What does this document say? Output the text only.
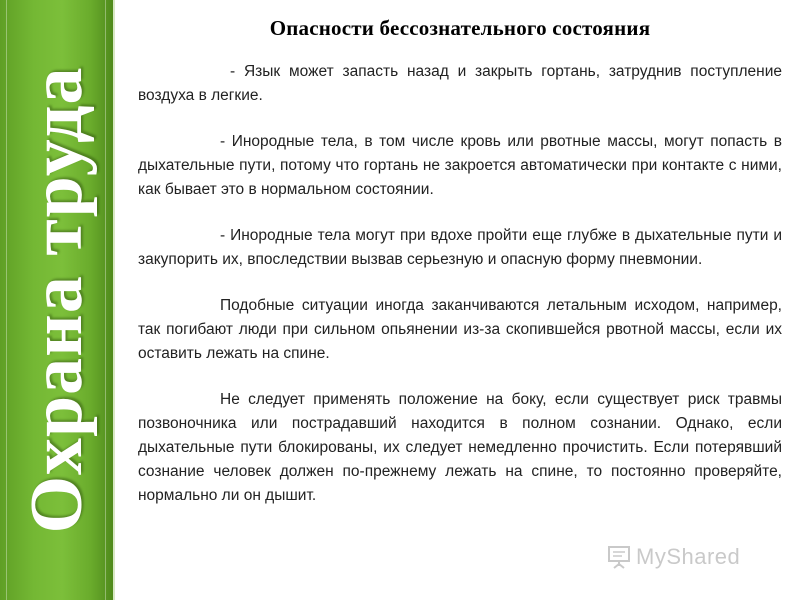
Охрана труда
Опасности бессознательного состояния

- Язык может запасть назад и закрыть гортань, затруднив поступление воздуха в легкие.

- Инородные тела, в том числе кровь или рвотные массы, могут попасть в дыхательные пути, потому что гортань не закроется автоматически при контакте с ними, как бывает это в нормальном состоянии.

- Инородные тела могут при вдохе пройти еще глубже в дыхательные пути и закупорить их, впоследствии вызвав серьезную и опасную форму пневмонии.

Подобные ситуации иногда заканчиваются летальным исходом, например, так погибают люди при сильном опьянении из-за скопившейся рвотной массы, если их оставить лежать на спине.

Не следует применять положение на боку, если существует риск травмы позвоночника или пострадавший находится в полном сознании. Однако, если дыхательные пути блокированы, их следует немедленно прочистить. Если потерявший сознание человек должен по-прежнему лежать на спине, то постоянно проверяйте, нормально ли он дышит.

MyShared
